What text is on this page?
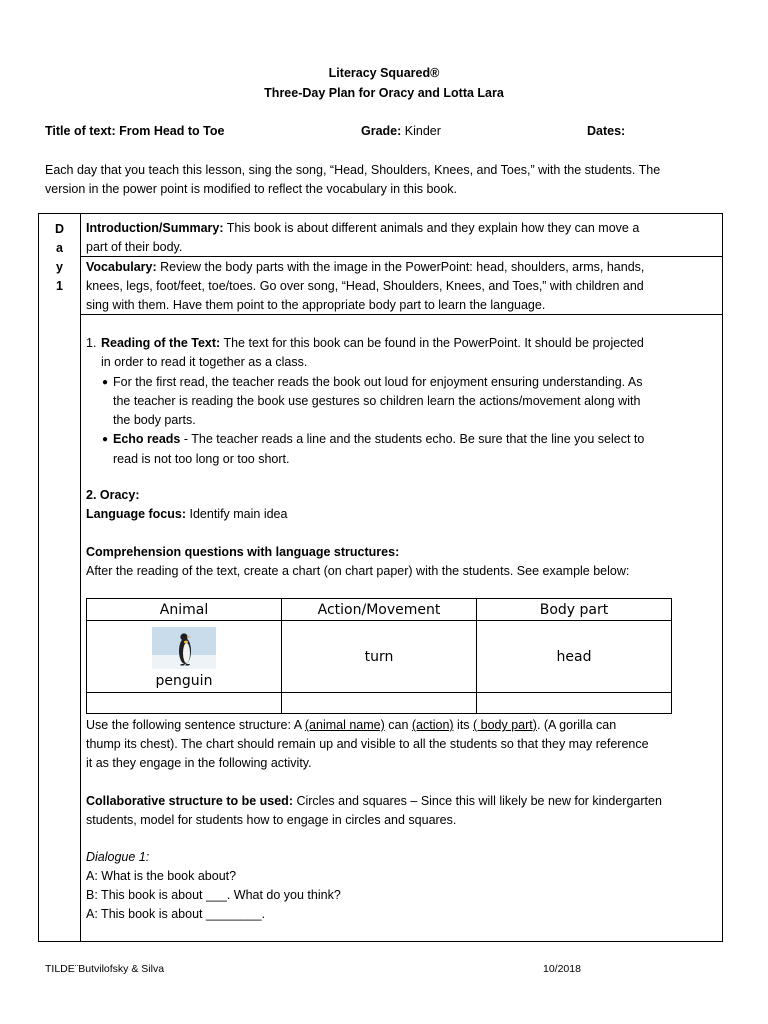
Literacy Squared®
Three-Day Plan for Oracy and Lotta Lara
Title of text: From Head to Toe	Grade: Kinder	Dates:
Each day that you teach this lesson, sing the song, “Head, Shoulders, Knees, and Toes,” with the students. The
version in the power point is modified to reflect the vocabulary in this book.
D
a
y
1
Introduction/Summary: This book is about different animals and they explain how they can move a
part of their body.
Vocabulary: Review the body parts with the image in the PowerPoint: head, shoulders, arms, hands,
knees, legs, foot/feet, toe/toes. Go over song, “Head, Shoulders, Knees, and Toes,” with children and
sing with them. Have them point to the appropriate body part to learn the language.
1. Reading of the Text: The text for this book can be found in the PowerPoint. It should be projected
in order to read it together as a class.
● For the first read, the teacher reads the book out loud for enjoyment ensuring understanding. As
the teacher is reading the book use gestures so children learn the actions/movement along with
the body parts.
● Echo reads - The teacher reads a line and the students echo. Be sure that the line you select to
read is not too long or too short.
2. Oracy:
Language focus: Identify main idea
Comprehension questions with language structures:
After the reading of the text, create a chart (on chart paper) with the students. See example below:
Animal	Action/Movement	Body part

penguin	turn	head

Use the following sentence structure: A (animal name) can (action) its ( body part). (A gorilla can
thump its chest). The chart should remain up and visible to all the students so that they may reference
it as they engage in the following activity.
Collaborative structure to be used: Circles and squares – Since this will likely be new for kindergarten
students, model for students how to engage in circles and squares.
Dialogue 1:
A: What is the book about?
B: This book is about ___. What do you think?
A: This book is about ________.
TILDE¨Butvilofsky & Silva	10/2018
